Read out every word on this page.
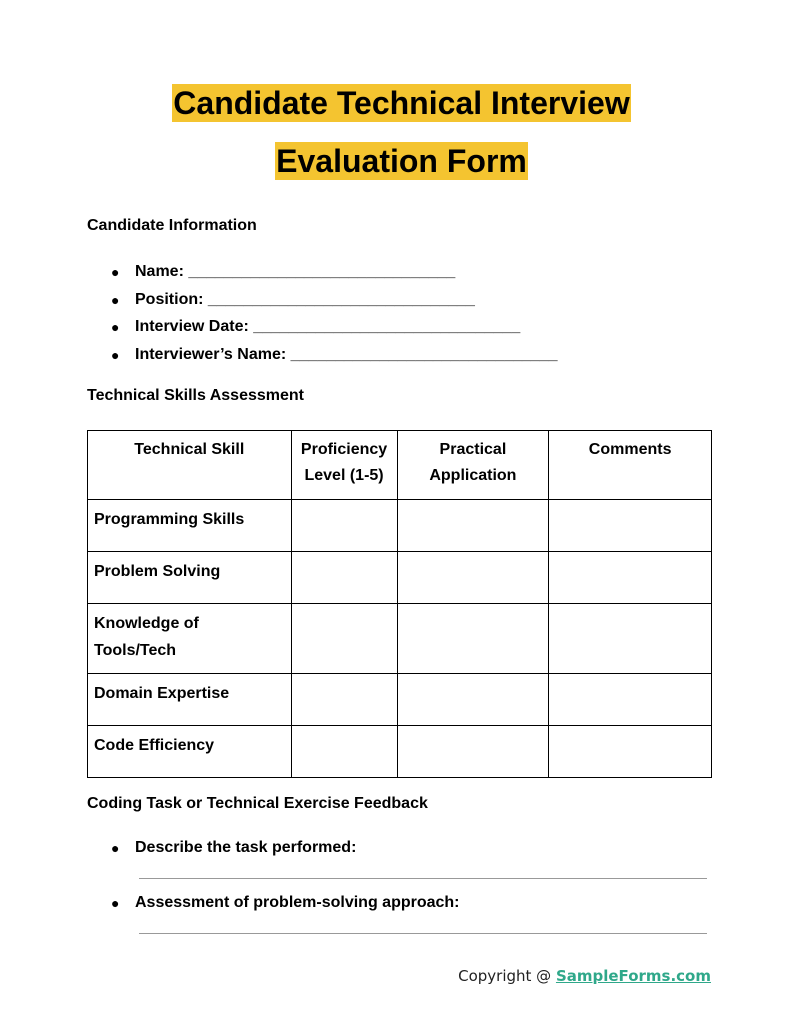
Candidate Technical Interview
Evaluation Form
Candidate Information
● Name: ______________________________
● Position: ______________________________
● Interview Date: ______________________________
● Interviewer’s Name: ______________________________
Technical Skills Assessment
Technical Skill	Proficiency Level (1-5)	Practical Application	Comments
Programming Skills			
Problem Solving			
Knowledge of Tools/Tech			
Domain Expertise			
Code Efficiency			
Coding Task or Technical Exercise Feedback
● Describe the task performed:
● Assessment of problem-solving approach:
Copyright @ SampleForms.com
